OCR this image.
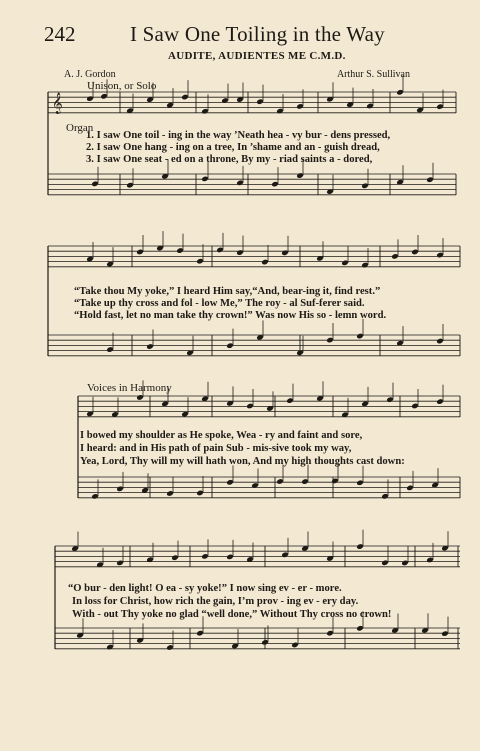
242	I Saw One Toiling in the Way
AUDITE, AUDIENTES ME C.M.D.
A. J. Gordon	Arthur S. Sullivan
𝄞
Unison, or Solo
Organ
Voices in Harmony
1. I saw One toil - ing in the way ’Neath hea - vy bur - dens pressed,
2. I saw One hang - ing on a tree, In ’shame and an - guish dread,
3. I saw One seat - ed on a throne, By my - riad saints a - dored,
“Take thou My yoke,” I heard Him say,“And, bear-ing it, find rest.”
“Take up thy cross and fol - low Me,” The roy - al Suf-ferer said.
“Hold fast, let no man take thy crown!” Was now His so - lemn word.
I bowed my shoulder as He spoke, Wea - ry and faint and sore,
I heard: and in His path of pain Sub - mis-sive took my way,
Yea, Lord, Thy will my will hath won, And my high thoughts cast down:
“O bur - den light! O ea - sy yoke!” I now sing ev - er - more.
In loss for Christ, how rich the gain, I’m prov - ing ev - ery day.
With - out Thy yoke no glad “well done,” Without Thy cross no crown!
